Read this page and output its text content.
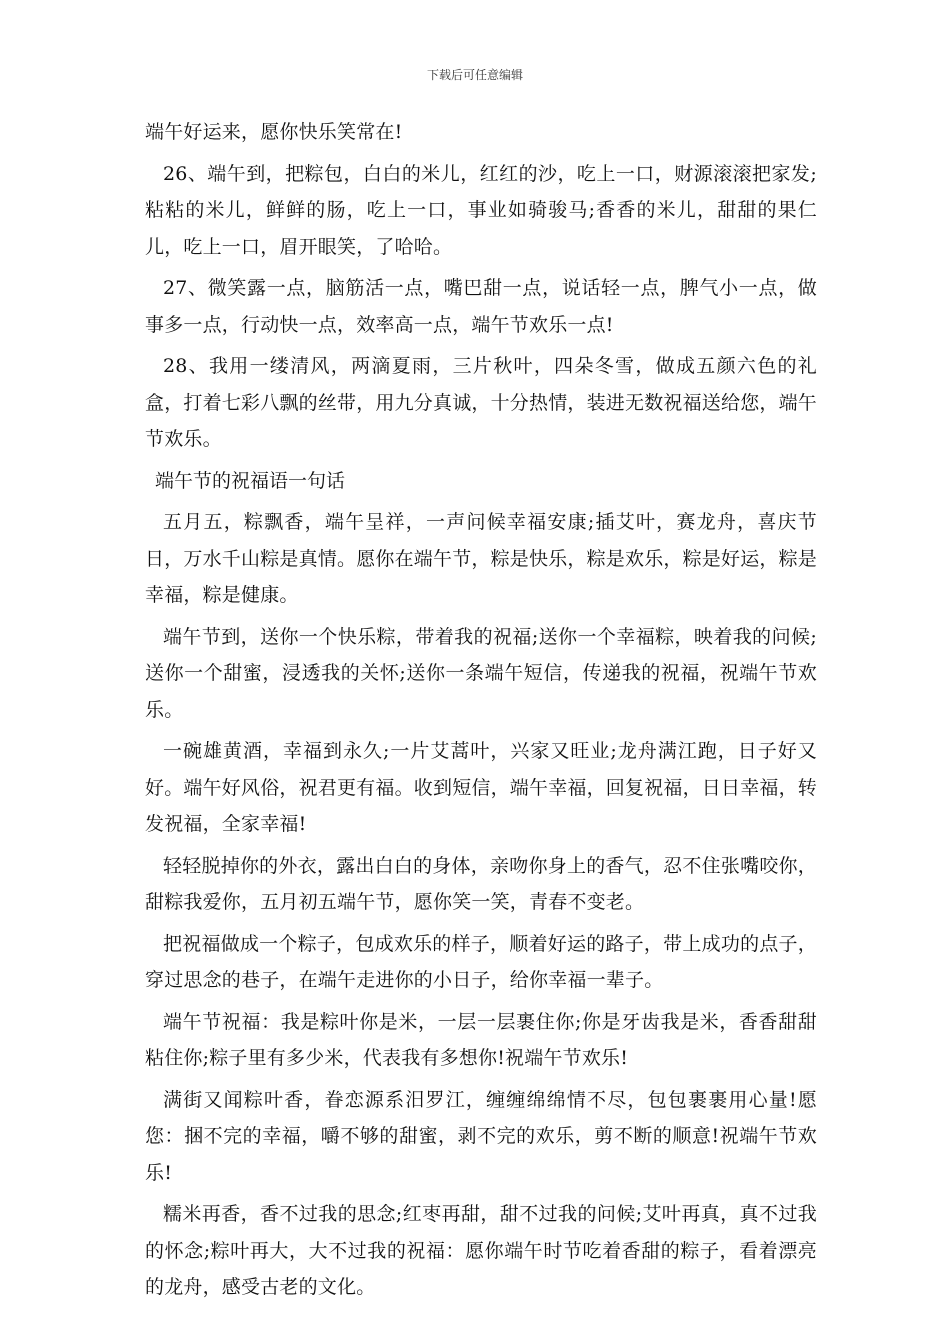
下载后可任意编辑

端午好运来，愿你快乐笑常在!

26、端午到，把粽包，白白的米儿，红红的沙，吃上一口，财源滚滚把家发;粘粘的米儿，鲜鲜的肠，吃上一口，事业如骑骏马;香香的米儿，甜甜的果仁儿，吃上一口，眉开眼笑，了哈哈。

27、微笑露一点，脑筋活一点，嘴巴甜一点，说话轻一点，脾气小一点，做事多一点，行动快一点，效率高一点，端午节欢乐一点!

28、我用一缕清风，两滴夏雨，三片秋叶，四朵冬雪，做成五颜六色的礼盒，打着七彩八飘的丝带，用九分真诚，十分热情，装进无数祝福送给您，端午节欢乐。

端午节的祝福语一句话

五月五，粽飘香，端午呈祥，一声问候幸福安康;插艾叶，赛龙舟，喜庆节日，万水千山粽是真情。愿你在端午节，粽是快乐，粽是欢乐，粽是好运，粽是幸福，粽是健康。

端午节到，送你一个快乐粽，带着我的祝福;送你一个幸福粽，映着我的问候;送你一个甜蜜，浸透我的关怀;送你一条端午短信，传递我的祝福，祝端午节欢乐。

一碗雄黄酒，幸福到永久;一片艾蒿叶，兴家又旺业;龙舟满江跑，日子好又好。端午好风俗，祝君更有福。收到短信，端午幸福，回复祝福，日日幸福，转发祝福，全家幸福!

轻轻脱掉你的外衣，露出白白的身体，亲吻你身上的香气，忍不住张嘴咬你，甜粽我爱你，五月初五端午节，愿你笑一笑，青春不变老。

把祝福做成一个粽子，包成欢乐的样子，顺着好运的路子，带上成功的点子，穿过思念的巷子，在端午走进你的小日子，给你幸福一辈子。

端午节祝福：我是粽叶你是米，一层一层裹住你;你是牙齿我是米，香香甜甜粘住你;粽子里有多少米，代表我有多想你!祝端午节欢乐!

满街又闻粽叶香，眷恋源系汨罗江，缠缠绵绵情不尽，包包裹裹用心量!愿您：捆不完的幸福，嚼不够的甜蜜，剥不完的欢乐，剪不断的顺意!祝端午节欢乐!

糯米再香，香不过我的思念;红枣再甜，甜不过我的问候;艾叶再真，真不过我的怀念;粽叶再大，大不过我的祝福：愿你端午时节吃着香甜的粽子，看着漂亮的龙舟，感受古老的文化。
